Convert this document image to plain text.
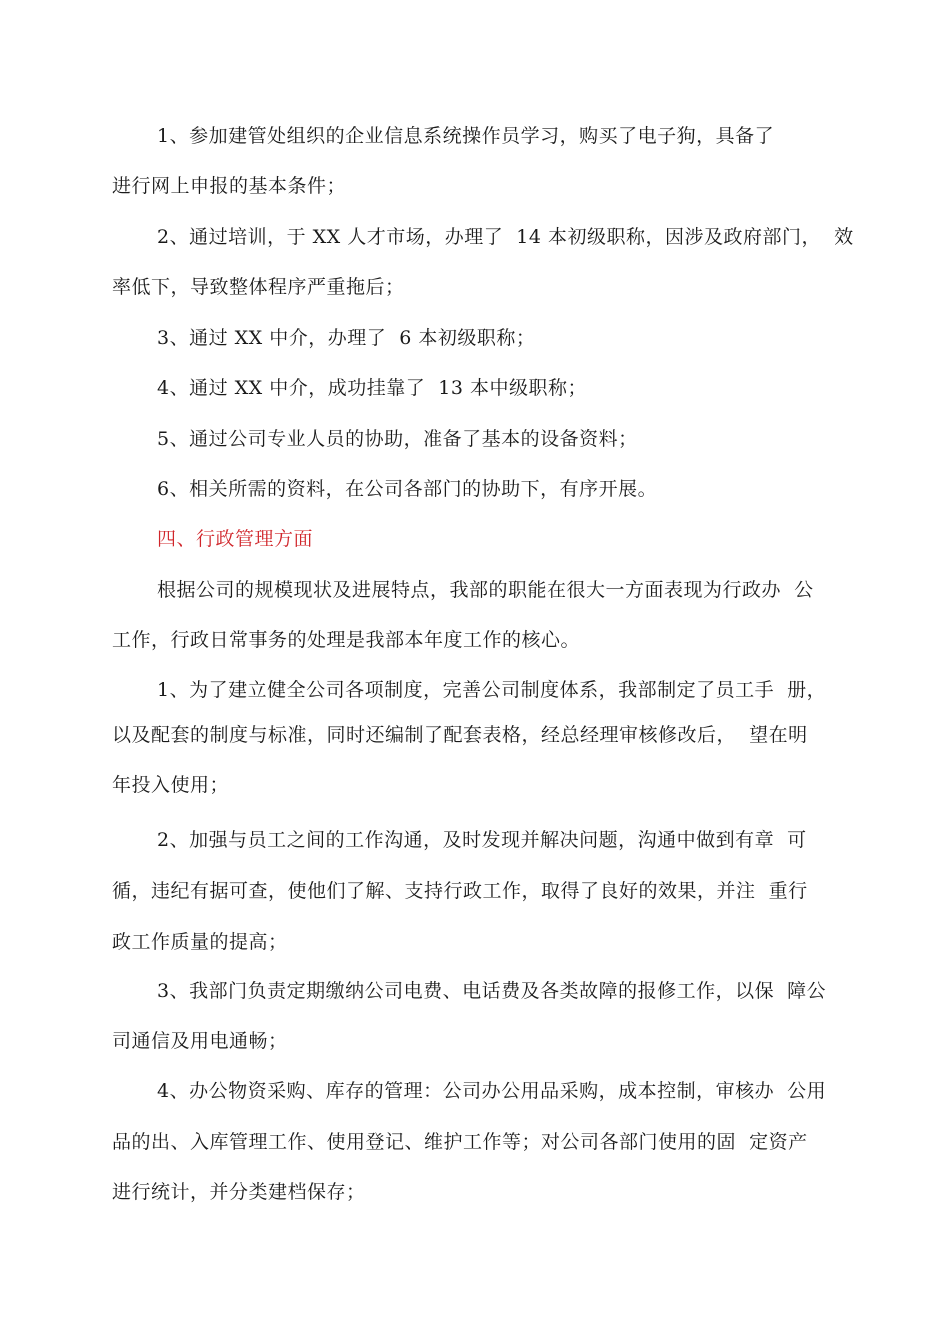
1、参加建管处组织的企业信息系统操作员学习，购买了电子狗，具备了
进行网上申报的基本条件；
2、通过培训，于 XX 人才市场，办理了  14 本初级职称，因涉及政府部门，  效
率低下，导致整体程序严重拖后；
3、通过 XX 中介，办理了  6 本初级职称；
4、通过 XX 中介，成功挂靠了  13 本中级职称；
5、通过公司专业人员的协助，准备了基本的设备资料；
6、相关所需的资料，在公司各部门的协助下，有序开展。
四、行政管理方面
根据公司的规模现状及进展特点，我部的职能在很大一方面表现为行政办  公
工作，行政日常事务的处理是我部本年度工作的核心。
1、为了建立健全公司各项制度，完善公司制度体系，我部制定了员工手  册，
以及配套的制度与标准，同时还编制了配套表格，经总经理审核修改后，  望在明
年投入使用；
2、加强与员工之间的工作沟通，及时发现并解决问题，沟通中做到有章  可
循，违纪有据可查，使他们了解、支持行政工作，取得了良好的效果，并注  重行
政工作质量的提高；
3、我部门负责定期缴纳公司电费、电话费及各类故障的报修工作，以保  障公
司通信及用电通畅；
4、办公物资采购、库存的管理：公司办公用品采购，成本控制，审核办  公用
品的出、入库管理工作、使用登记、维护工作等；对公司各部门使用的固  定资产
进行统计，并分类建档保存；
